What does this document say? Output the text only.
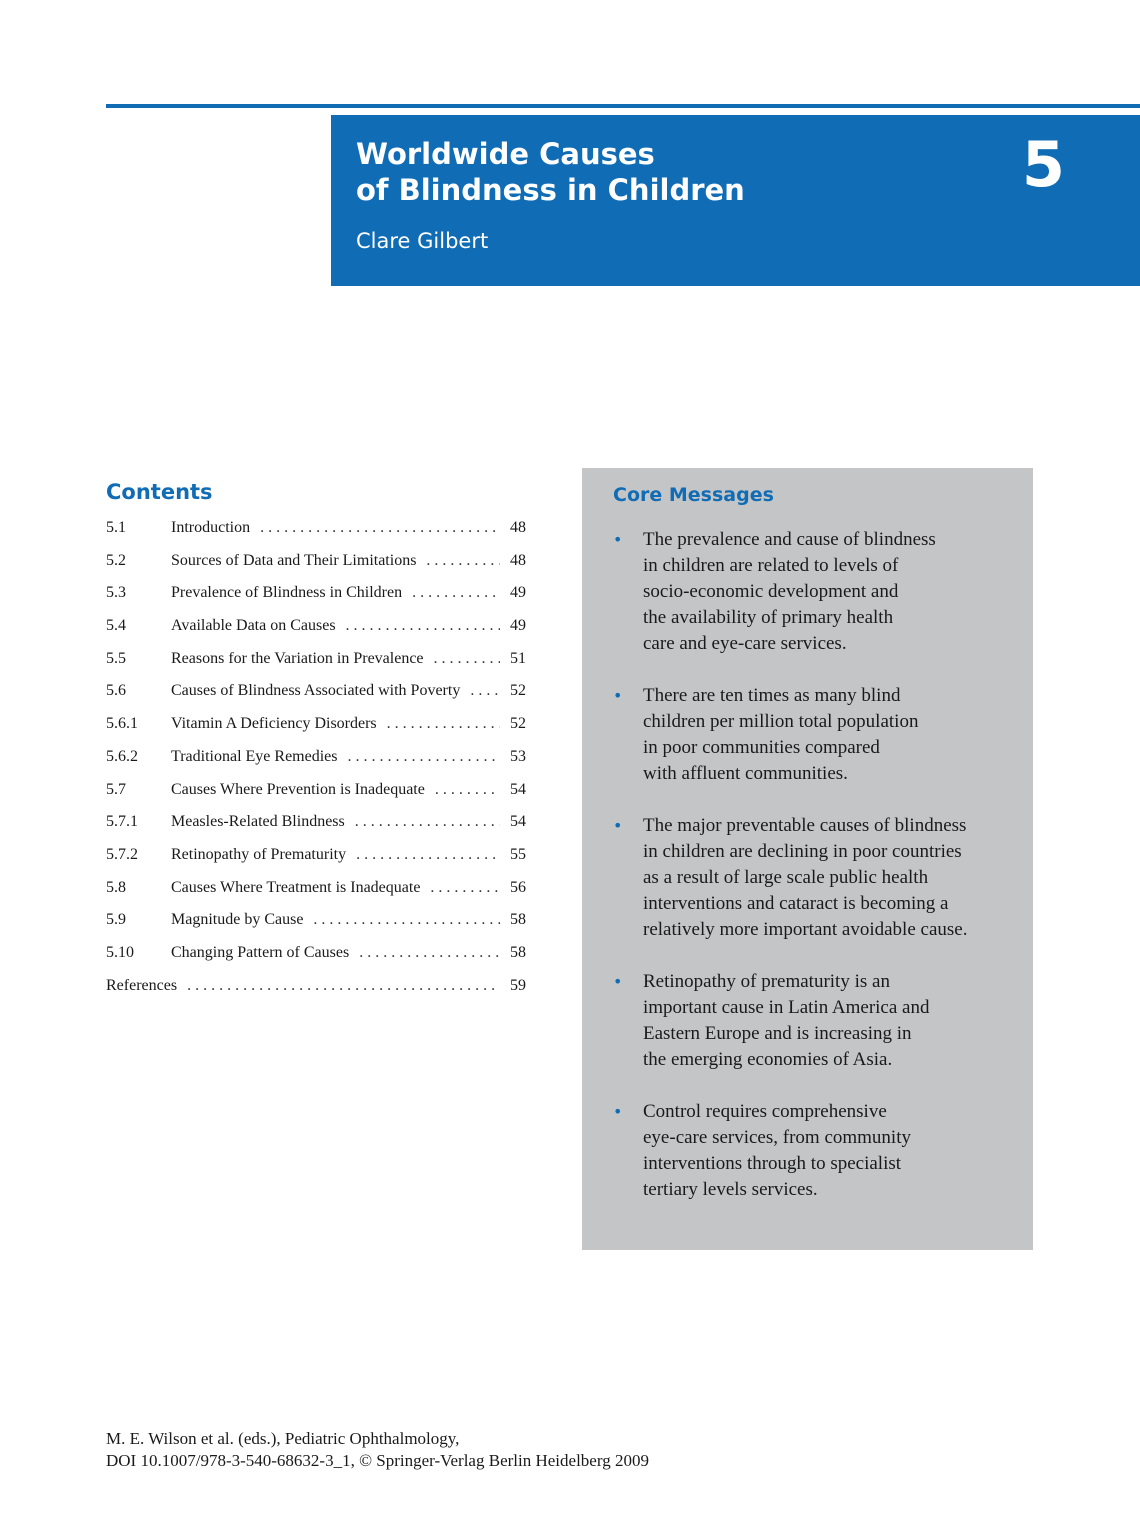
Worldwide Causes
of Blindness in Children
Clare Gilbert
5
Contents
5.1	Introduction . . .	48
5.2	Sources of Data and Their Limitations . . .	48
5.3	Prevalence of Blindness in Children . . .	49
5.4	Available Data on Causes . . .	49
5.5	Reasons for the Variation in Prevalence . . .	51
5.6	Causes of Blindness Associated with Poverty . . .	52
5.6.1	Vitamin A Deficiency Disorders . . .	52
5.6.2	Traditional Eye Remedies . . .	53
5.7	Causes Where Prevention is Inadequate . . .	54
5.7.1	Measles-Related Blindness . . .	54
5.7.2	Retinopathy of Prematurity . . .	55
5.8	Causes Where Treatment is Inadequate . . .	56
5.9	Magnitude by Cause . . .	58
5.10	Changing Pattern of Causes . . .	58
References . . .	59
Core Messages
• The prevalence and cause of blindness
in children are related to levels of
socio-economic development and
the availability of primary health
care and eye-care services.
• There are ten times as many blind
children per million total population
in poor communities compared
with affluent communities.
• The major preventable causes of blindness
in children are declining in poor countries
as a result of large scale public health
interventions and cataract is becoming a
relatively more important avoidable cause.
• Retinopathy of prematurity is an
important cause in Latin America and
Eastern Europe and is increasing in
the emerging economies of Asia.
• Control requires comprehensive
eye-care services, from community
interventions through to specialist
tertiary levels services.
M. E. Wilson et al. (eds.), Pediatric Ophthalmology,
DOI 10.1007/978-3-540-68632-3_1, © Springer-Verlag Berlin Heidelberg 2009
